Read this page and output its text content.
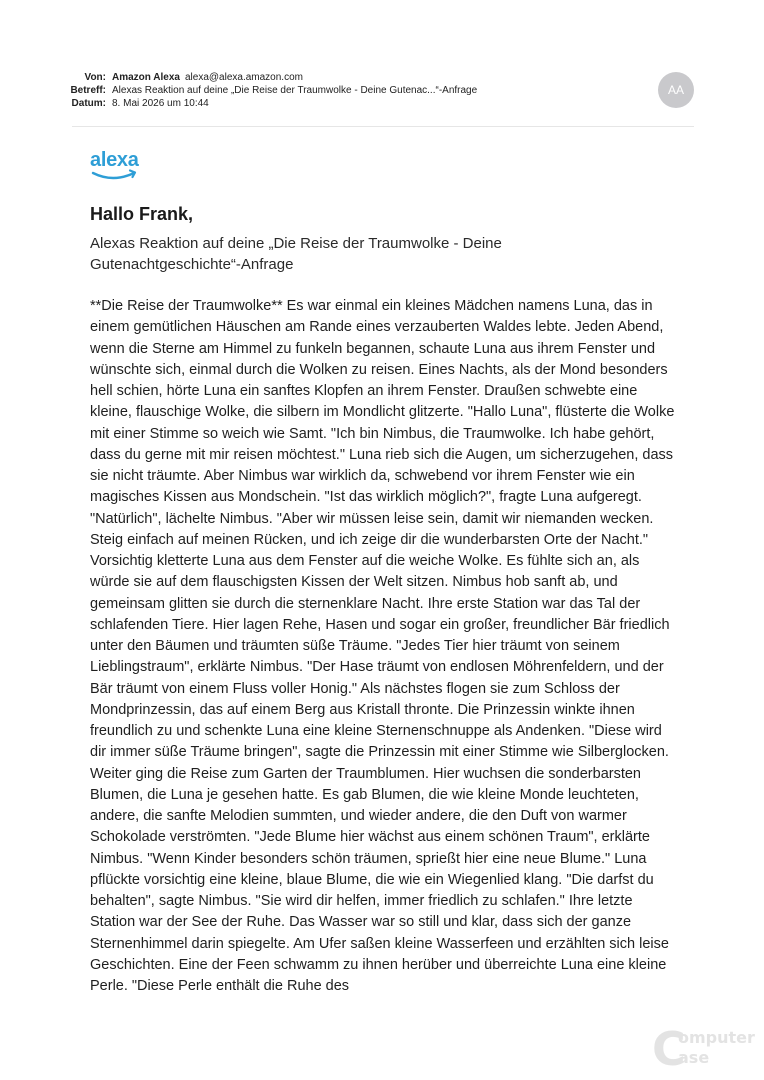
Von: Amazon Alexa alexa@alexa.amazon.com
Betreff: Alexas Reaktion auf deine „Die Reise der Traumwolke - Deine Gutenac...“-Anfrage
Datum: 8. Mai 2026 um 10:44
AA
alexa
Hallo Frank,
Alexas Reaktion auf deine „Die Reise der Traumwolke - Deine Gutenachtgeschichte“-Anfrage
**Die Reise der Traumwolke** Es war einmal ein kleines Mädchen namens Luna, das in einem gemütlichen Häuschen am Rande eines verzauberten Waldes lebte. Jeden Abend, wenn die Sterne am Himmel zu funkeln begannen, schaute Luna aus ihrem Fenster und wünschte sich, einmal durch die Wolken zu reisen. Eines Nachts, als der Mond besonders hell schien, hörte Luna ein sanftes Klopfen an ihrem Fenster. Draußen schwebte eine kleine, flauschige Wolke, die silbern im Mondlicht glitzerte. "Hallo Luna", flüsterte die Wolke mit einer Stimme so weich wie Samt. "Ich bin Nimbus, die Traumwolke. Ich habe gehört, dass du gerne mit mir reisen möchtest." Luna rieb sich die Augen, um sicherzugehen, dass sie nicht träumte. Aber Nimbus war wirklich da, schwebend vor ihrem Fenster wie ein magisches Kissen aus Mondschein. "Ist das wirklich möglich?", fragte Luna aufgeregt. "Natürlich", lächelte Nimbus. "Aber wir müssen leise sein, damit wir niemanden wecken. Steig einfach auf meinen Rücken, und ich zeige dir die wunderbarsten Orte der Nacht." Vorsichtig kletterte Luna aus dem Fenster auf die weiche Wolke. Es fühlte sich an, als würde sie auf dem flauschigsten Kissen der Welt sitzen. Nimbus hob sanft ab, und gemeinsam glitten sie durch die sternenklare Nacht. Ihre erste Station war das Tal der schlafenden Tiere. Hier lagen Rehe, Hasen und sogar ein großer, freundlicher Bär friedlich unter den Bäumen und träumten süße Träume. "Jedes Tier hier träumt von seinem Lieblingstraum", erklärte Nimbus. "Der Hase träumt von endlosen Möhrenfeldern, und der Bär träumt von einem Fluss voller Honig." Als nächstes flogen sie zum Schloss der Mondprinzessin, das auf einem Berg aus Kristall thronte. Die Prinzessin winkte ihnen freundlich zu und schenkte Luna eine kleine Sternenschnuppe als Andenken. "Diese wird dir immer süße Träume bringen", sagte die Prinzessin mit einer Stimme wie Silberglocken. Weiter ging die Reise zum Garten der Traumblumen. Hier wuchsen die sonderbarsten Blumen, die Luna je gesehen hatte. Es gab Blumen, die wie kleine Monde leuchteten, andere, die sanfte Melodien summten, und wieder andere, die den Duft von warmer Schokolade verströmten. "Jede Blume hier wächst aus einem schönen Traum", erklärte Nimbus. "Wenn Kinder besonders schön träumen, sprießt hier eine neue Blume." Luna pflückte vorsichtig eine kleine, blaue Blume, die wie ein Wiegenlied klang. "Die darfst du behalten", sagte Nimbus. "Sie wird dir helfen, immer friedlich zu schlafen." Ihre letzte Station war der See der Ruhe. Das Wasser war so still und klar, dass sich der ganze Sternenhimmel darin spiegelte. Am Ufer saßen kleine Wasserfeen und erzählten sich leise Geschichten. Eine der Feen schwamm zu ihnen herüber und überreichte Luna eine kleine Perle. "Diese Perle enthält die Ruhe des
C
omputer
ase
